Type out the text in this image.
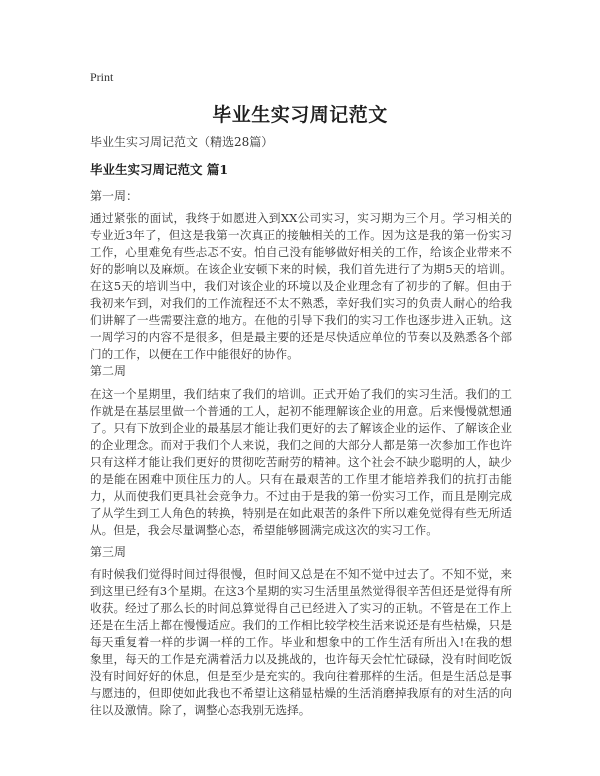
Print
毕业生实习周记范文
毕业生实习周记范文（精选28篇）
毕业生实习周记范文 篇1
第一周：
通过紧张的面试，我终于如愿进入到XX公司实习，实习期为三个月。学习相关的专业近3年了，但这是我第一次真正的接触相关的工作。因为这是我的第一份实习工作，心里难免有些忐忑不安。怕自己没有能够做好相关的工作，给该企业带来不好的影响以及麻烦。在该企业安顿下来的时候，我们首先进行了为期5天的培训。在这5天的培训当中，我们对该企业的环境以及企业理念有了初步的了解。但由于我初来乍到，对我们的工作流程还不太不熟悉，幸好我们实习的负责人耐心的给我们讲解了一些需要注意的地方。在他的引导下我们的实习工作也逐步进入正轨。这一周学习的内容不是很多，但是最主要的还是尽快适应单位的节奏以及熟悉各个部门的工作，以便在工作中能很好的协作。
第二周
在这一个星期里，我们结束了我们的培训。正式开始了我们的实习生活。我们的工作就是在基层里做一个普通的工人，起初不能理解该企业的用意。后来慢慢就想通了。只有下放到企业的最基层才能让我们更好的去了解该企业的运作、了解该企业的企业理念。而对于我们个人来说，我们之间的大部分人都是第一次参加工作也许只有这样才能让我们更好的贯彻吃苦耐劳的精神。这个社会不缺少聪明的人，缺少的是能在困难中顶住压力的人。只有在最艰苦的工作里才能培养我们的抗打击能力，从而使我们更具社会竞争力。不过由于是我的第一份实习工作，而且是刚完成了从学生到工人角色的转换，特别是在如此艰苦的条件下所以难免觉得有些无所适从。但是，我会尽量调整心态，希望能够圆满完成这次的实习工作。
第三周
有时候我们觉得时间过得很慢，但时间又总是在不知不觉中过去了。不知不觉，来到这里已经有3个星期。在这3个星期的实习生活里虽然觉得很辛苦但还是觉得有所收获。经过了那么长的时间总算觉得自己已经进入了实习的正轨。不管是在工作上还是在生活上都在慢慢适应。我们的工作相比较学校生活来说还是有些枯燥，只是每天重复着一样的步调一样的工作。毕业和想象中的工作生活有所出入!在我的想象里，每天的工作是充满着活力以及挑战的，也许每天会忙忙碌碌，没有时间吃饭没有时间好好的休息，但是至少是充实的。我向往着那样的生活。但是生活总是事与愿违的，但即使如此我也不希望让这稍显枯燥的生活消磨掉我原有的对生活的向往以及激情。除了，调整心态我别无选择。
